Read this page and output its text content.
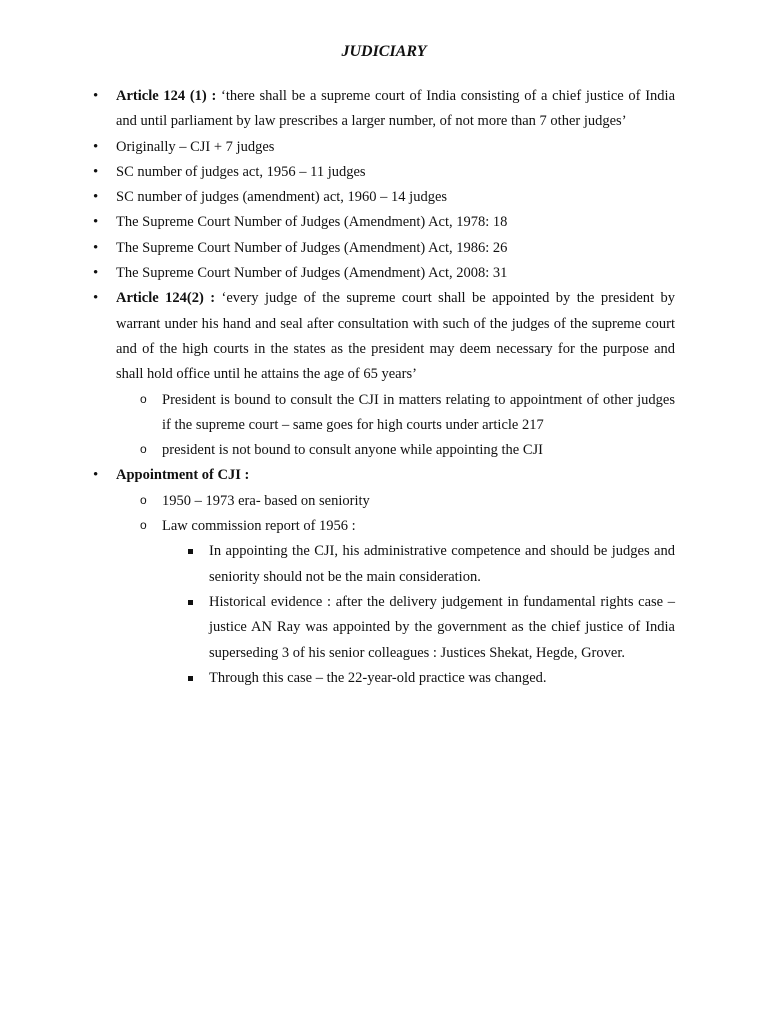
JUDICIARY
• Article 124 (1) : ‘there shall be a supreme court of India consisting of a chief justice of India and until parliament by law prescribes a larger number, of not more than 7 other judges’
• Originally – CJI + 7 judges
• SC number of judges act, 1956 – 11 judges
• SC number of judges (amendment) act, 1960 – 14 judges
• The Supreme Court Number of Judges (Amendment) Act, 1978: 18
• The Supreme Court Number of Judges (Amendment) Act, 1986: 26
• The Supreme Court Number of Judges (Amendment) Act, 2008: 31
• Article 124(2) : ‘every judge of the supreme court shall be appointed by the president by warrant under his hand and seal after consultation with such of the judges of the supreme court and of the high courts in the states as the president may deem necessary for the purpose and shall hold office until he attains the age of 65 years’
o President is bound to consult the CJI in matters relating to appointment of other judges if the supreme court – same goes for high courts under article 217
o president is not bound to consult anyone while appointing the CJI
• Appointment of CJI :
o 1950 – 1973 era- based on seniority
o Law commission report of 1956 :
In appointing the CJI, his administrative competence and should be judges and seniority should not be the main consideration.
Historical evidence : after the delivery judgement in fundamental rights case – justice AN Ray was appointed by the government as the chief justice of India superseding 3 of his senior colleagues : Justices Shekat, Hegde, Grover.
Through this case – the 22-year-old practice was changed.
